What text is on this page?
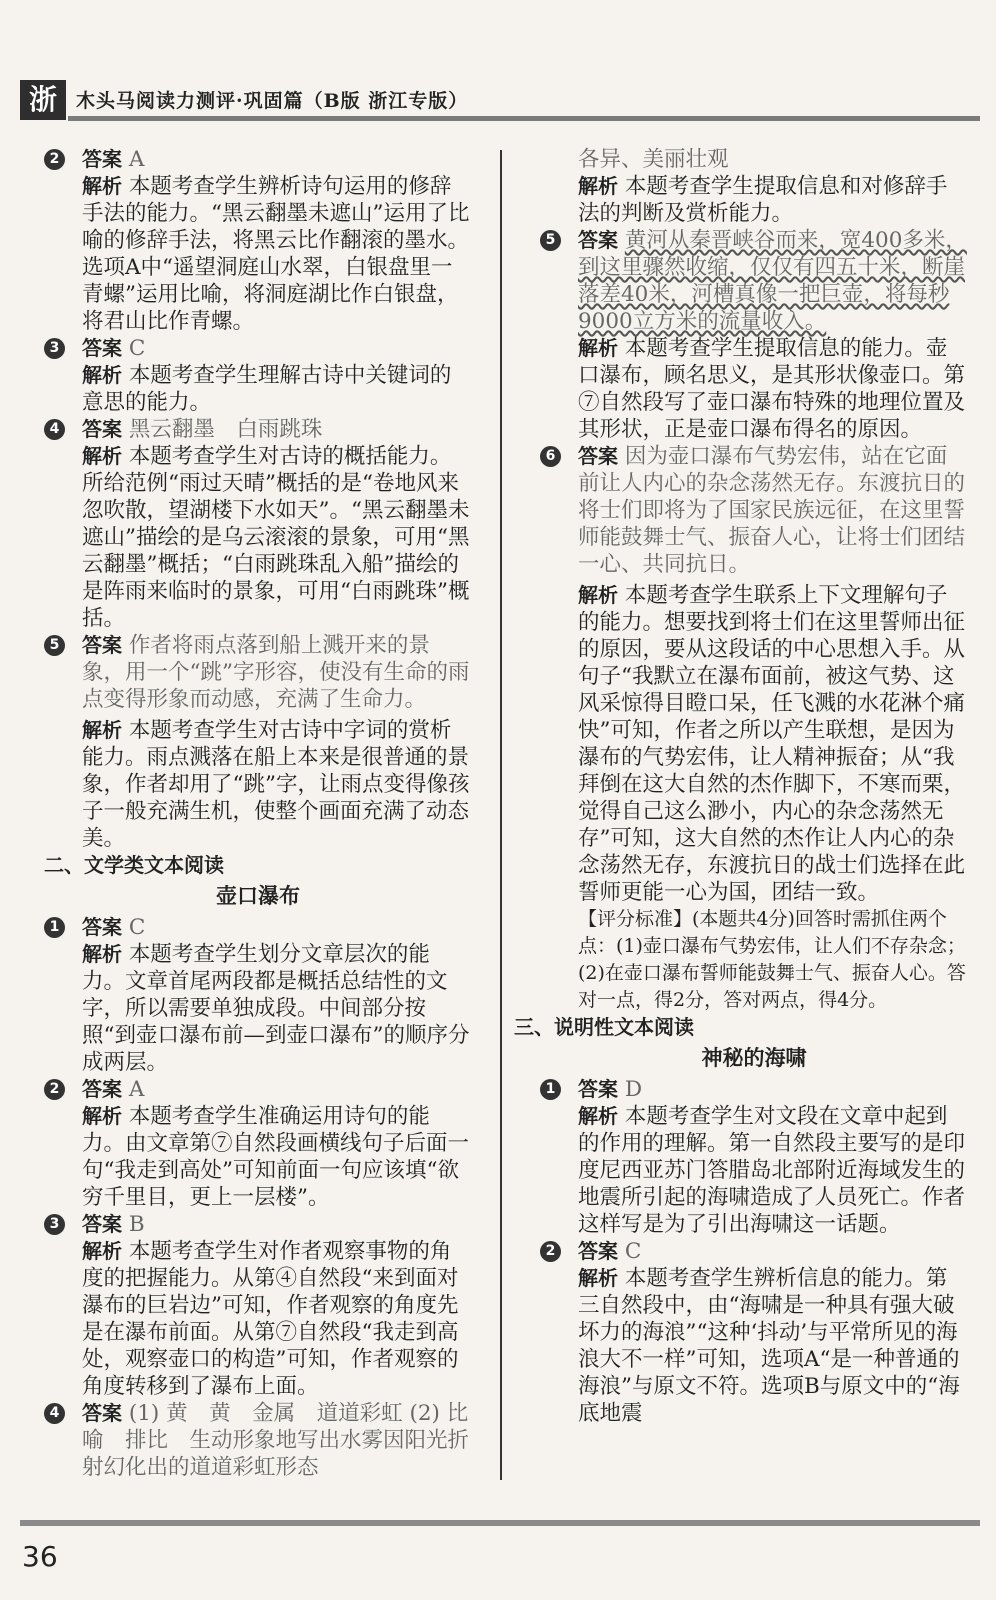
浙	木头马阅读力测评·巩固篇（B版 浙江专版）
2 答案 A
解析 本题考查学生辨析诗句运用的修辞手法的能力。“黑云翻墨未遮山”运用了比喻的修辞手法，将黑云比作翻滚的墨水。选项A中“遥望洞庭山水翠，白银盘里一青螺”运用比喻，将洞庭湖比作白银盘，将君山比作青螺。
3 答案 C
解析 本题考查学生理解古诗中关键词的意思的能力。
4 答案 黑云翻墨　白雨跳珠
解析 本题考查学生对古诗的概括能力。所给范例“雨过天晴”概括的是“卷地风来忽吹散，望湖楼下水如天”。“黑云翻墨未遮山”描绘的是乌云滚滚的景象，可用“黑云翻墨”概括；“白雨跳珠乱入船”描绘的是阵雨来临时的景象，可用“白雨跳珠”概括。
5 答案 作者将雨点落到船上溅开来的景象，用一个“跳”字形容，使没有生命的雨点变得形象而动感，充满了生命力。
解析 本题考查学生对古诗中字词的赏析能力。雨点溅落在船上本来是很普通的景象，作者却用了“跳”字，让雨点变得像孩子一般充满生机，使整个画面充满了动态美。
二、文学类文本阅读
壶口瀑布
1 答案 C
解析 本题考查学生划分文章层次的能力。文章首尾两段都是概括总结性的文字，所以需要单独成段。中间部分按照“到壶口瀑布前—到壶口瀑布”的顺序分成两层。
2 答案 A
解析 本题考查学生准确运用诗句的能力。由文章第⑦自然段画横线句子后面一句“我走到高处”可知前面一句应该填“欲穷千里目，更上一层楼”。
3 答案 B
解析 本题考查学生对作者观察事物的角度的把握能力。从第④自然段“来到面对瀑布的巨岩边”可知，作者观察的角度先是在瀑布前面。从第⑦自然段“我走到高处，观察壶口的构造”可知，作者观察的角度转移到了瀑布上面。
4 答案 (1) 黄　黄　金属　道道彩虹 (2) 比喻　排比　生动形象地写出水雾因阳光折射幻化出的道道彩虹形态
各异、美丽壮观
解析 本题考查学生提取信息和对修辞手法的判断及赏析能力。
5 答案 黄河从秦晋峡谷而来，宽400多米，到这里骤然收缩，仅仅有四五十米，断崖落差40米，河槽真像一把巨壶，将每秒9000立方米的流量收入。
解析 本题考查学生提取信息的能力。壶口瀑布，顾名思义，是其形状像壶口。第⑦自然段写了壶口瀑布特殊的地理位置及其形状，正是壶口瀑布得名的原因。
6 答案 因为壶口瀑布气势宏伟，站在它面前让人内心的杂念荡然无存。东渡抗日的将士们即将为了国家民族远征，在这里誓师能鼓舞士气、振奋人心，让将士们团结一心、共同抗日。
解析 本题考查学生联系上下文理解句子的能力。想要找到将士们在这里誓师出征的原因，要从这段话的中心思想入手。从句子“我默立在瀑布面前，被这气势、这风采惊得目瞪口呆，任飞溅的水花淋个痛快”可知，作者之所以产生联想，是因为瀑布的气势宏伟，让人精神振奋；从“我拜倒在这大自然的杰作脚下，不寒而栗，觉得自己这么渺小，内心的杂念荡然无存”可知，这大自然的杰作让人内心的杂念荡然无存，东渡抗日的战士们选择在此誓师更能一心为国，团结一致。
【评分标准】(本题共4分)回答时需抓住两个点：(1)壶口瀑布气势宏伟，让人们不存杂念；(2)在壶口瀑布誓师能鼓舞士气、振奋人心。答对一点，得2分，答对两点，得4分。
三、说明性文本阅读
神秘的海啸
1 答案 D
解析 本题考查学生对文段在文章中起到的作用的理解。第一自然段主要写的是印度尼西亚苏门答腊岛北部附近海域发生的地震所引起的海啸造成了人员死亡。作者这样写是为了引出海啸这一话题。
2 答案 C
解析 本题考查学生辨析信息的能力。第三自然段中，由“海啸是一种具有强大破坏力的海浪”“这种‘抖动’与平常所见的海浪大不一样”可知，选项A“是一种普通的海浪”与原文不符。选项B与原文中的“海底地震
36
